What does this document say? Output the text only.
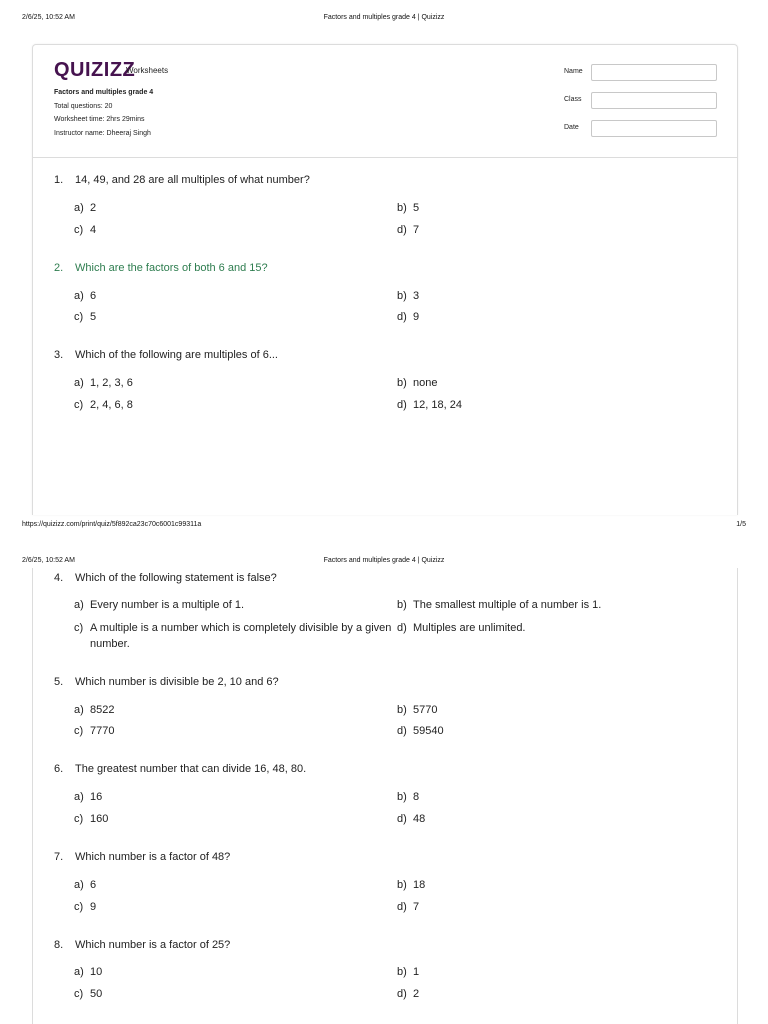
2/6/25, 10:52 AM	Factors and multiples grade 4 | Quizizz
QUIZIZZ
Worksheets
Factors and multiples grade 4
Total questions: 20
Worksheet time: 2hrs 29mins
Instructor name: Dheeraj Singh
Name
Class
Date
1. 14, 49, and 28 are all multiples of what number?
a) 2	b) 5
c) 4	d) 7
2. Which are the factors of both 6 and 15?
a) 6	b) 3
c) 5	d) 9
3. Which of the following are multiples of 6...
a) 1, 2, 3, 6	b) none
c) 2, 4, 6, 8	d) 12, 18, 24
https://quizizz.com/print/quiz/5f892ca23c70c6001c99311a	1/5
2/6/25, 10:52 AM	Factors and multiples grade 4 | Quizizz
4. Which of the following statement is false?
a) Every number is a multiple of 1.	b) The smallest multiple of a number is 1.
c) A multiple is a number which is completely divisible by a given number.
d) Multiples are unlimited.
5. Which number is divisible be 2, 10 and 6?
a) 8522	b) 5770
c) 7770	d) 59540
6. The greatest number that can divide 16, 48, 80.
a) 16	b) 8
c) 160	d) 48
7. Which number is a factor of 48?
a) 6	b) 18
c) 9	d) 7
8. Which number is a factor of 25?
a) 10	b) 1
c) 50	d) 2
